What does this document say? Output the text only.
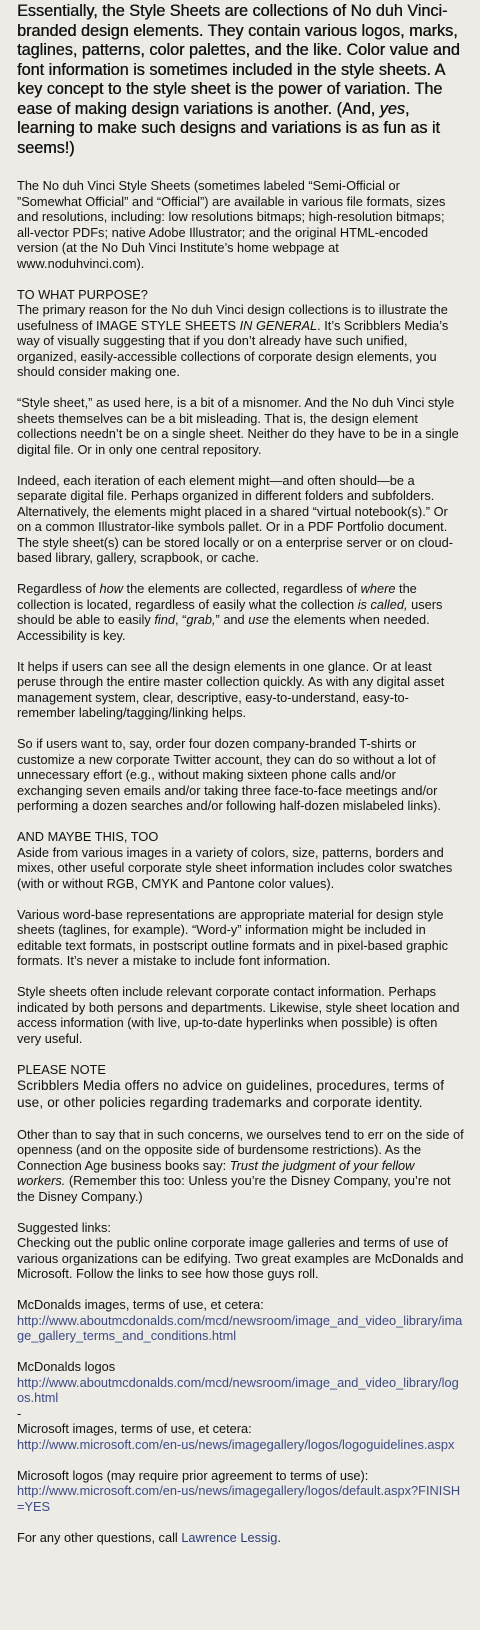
Essentially, the Style Sheets are collections of No duh Vinci-branded design elements. They contain various logos, marks, taglines, patterns, color palettes, and the like. Color value and font information is sometimes included in the style sheets. A key concept to the style sheet is the power of variation. The ease of making design variations is another. (And, yes, learning to make such designs and variations is as fun as it seems!)

The No duh Vinci Style Sheets (sometimes labeled “Semi-Official or ”Somewhat Official” and “Official”) are available in various file formats, sizes and resolutions, including: low resolutions bitmaps; high-resolution bitmaps; all-vector PDFs; native Adobe Illustrator; and the original HTML-encoded version (at the No Duh Vinci Institute’s home webpage at www.noduhvinci.com).

TO WHAT PURPOSE?

The primary reason for the No duh Vinci design collections is to illustrate the usefulness of IMAGE STYLE SHEETS IN GENERAL. It’s Scribblers Media’s way of visually suggesting that if you don’t already have such unified, organized, easily-accessible collections of corporate design elements, you should consider making one.

“Style sheet,” as used here, is a bit of a misnomer. And the No duh Vinci style sheets themselves can be a bit misleading. That is, the design element collections needn’t be on a single sheet. Neither do they have to be in a single digital file. Or in only one central repository.

Indeed, each iteration of each element might—and often should—be a separate digital file. Perhaps organized in different folders and subfolders. Alternatively, the elements might placed in a shared “virtual notebook(s).” Or on a common Illustrator-like symbols pallet. Or in a PDF Portfolio document. The style sheet(s) can be stored locally or on a enterprise server or on cloud-based library, gallery, scrapbook, or cache.

Regardless of how the elements are collected, regardless of where the collection is located, regardless of easily what the collection is called, users should be able to easily find, “grab,” and use the elements when needed. Accessibility is key.

It helps if users can see all the design elements in one glance. Or at least peruse through the entire master collection quickly. As with any digital asset management system, clear, descriptive, easy-to-understand, easy-to-remember labeling/tagging/linking helps.

So if users want to, say, order four dozen company-branded T-shirts or customize a new corporate Twitter account, they can do so without a lot of unnecessary effort (e.g., without making sixteen phone calls and/or exchanging seven emails and/or taking three face-to-face meetings and/or performing a dozen searches and/or following half-dozen mislabeled links).

AND MAYBE THIS, TOO

Aside from various images in a variety of colors, size, patterns, borders and mixes, other useful corporate style sheet information includes color swatches (with or without RGB, CMYK and Pantone color values).

Various word-base representations are appropriate material for design style sheets (taglines, for example). “Word-y” information might be included in editable text formats, in postscript outline formats and in pixel-based graphic formats. It’s never a mistake to include font information.

Style sheets often include relevant corporate contact information. Perhaps indicated by both persons and departments. Likewise, style sheet location and access information (with live, up-to-date hyperlinks when possible) is often very useful.

PLEASE NOTE

Scribblers Media offers no advice on guidelines, procedures, terms of use, or other policies regarding trademarks and corporate identity.

Other than to say that in such concerns, we ourselves tend to err on the side of openness (and on the opposite side of burdensome restrictions). As the Connection Age business books say: Trust the judgment of your fellow workers. (Remember this too: Unless you’re the Disney Company, you’re not the Disney Company.)

Suggested links:

Checking out the public online corporate image galleries and terms of use of various organizations can be edifying. Two great examples are McDonalds and Microsoft. Follow the links to see how those guys roll.

McDonalds images, terms of use, et cetera:
http://www.aboutmcdonalds.com/mcd/newsroom/image_and_video_library/image_gallery_terms_and_conditions.html

McDonalds logos
http://www.aboutmcdonalds.com/mcd/newsroom/image_and_video_library/logos.html
-
Microsoft images, terms of use, et cetera:
http://www.microsoft.com/en-us/news/imagegallery/logos/logoguidelines.aspx

Microsoft logos (may require prior agreement to terms of use):
http://www.microsoft.com/en-us/news/imagegallery/logos/default.aspx?FINISH=YES

For any other questions, call Lawrence Lessig.
